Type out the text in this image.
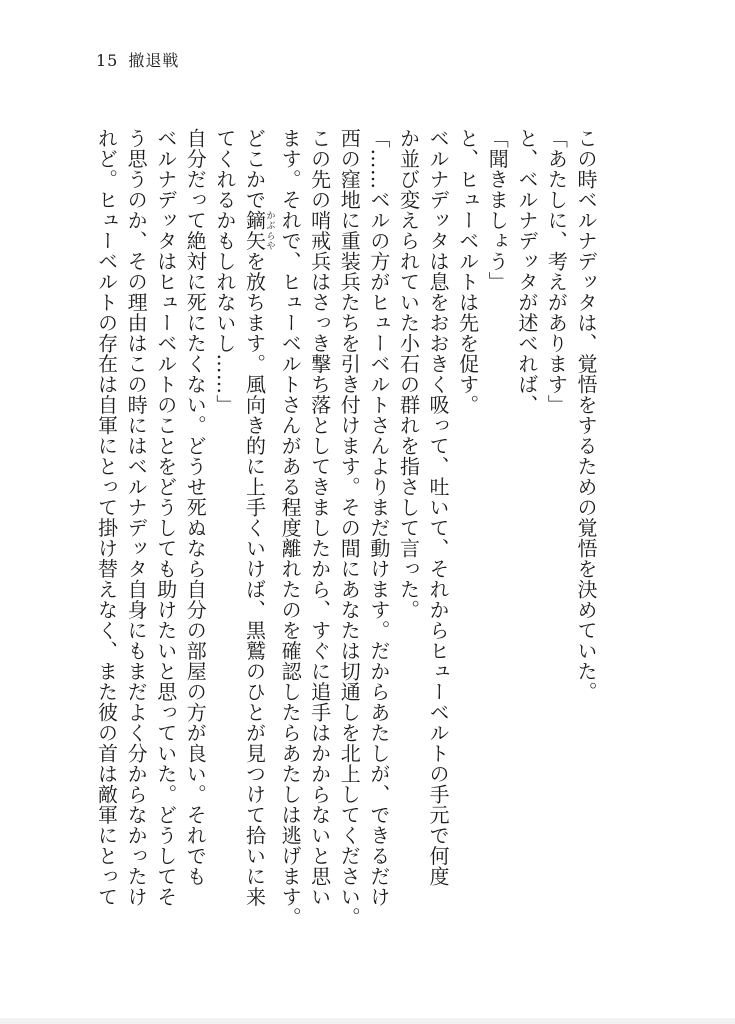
15 撤退戦
この時ベルナデッタは、覚悟をするための覚悟を決めていた。
「あたしに、考えがあります」
と、ベルナデッタが述べれば、
「聞きましょう」
と、ヒューベルトは先を促す。
ベルナデッタは息をおおきく吸って、吐いて、それからヒューベルトの手元で何度
か並び変えられていた小石の群れを指さして言った。
「……ベルの方がヒューベルトさんよりまだ動けます。だからあたしが、できるだけ
西の窪地に重装兵たちを引き付けます。その間にあなたは切通しを北上してください。
この先の哨戒兵はさっき撃ち落としてきましたから、すぐに追手はかからないと思い
ます。それで、ヒューベルトさんがある程度離れたのを確認したらあたしは逃げます。
どこかで鏑矢かぶらやを放ちます。風向き的に上手くいけば、黒鷲のひとが見つけて拾いに来
てくれるかもしれないし……」
自分だって絶対に死にたくない。どうせ死ぬなら自分の部屋の方が良い。それでも
ベルナデッタはヒューベルトのことをどうしても助けたいと思っていた。どうしてそ
う思うのか、その理由はこの時にはベルナデッタ自身にもまだよく分からなかったけ
れど。ヒューベルトの存在は自軍にとって掛け替えなく、また彼の首は敵軍にとって
